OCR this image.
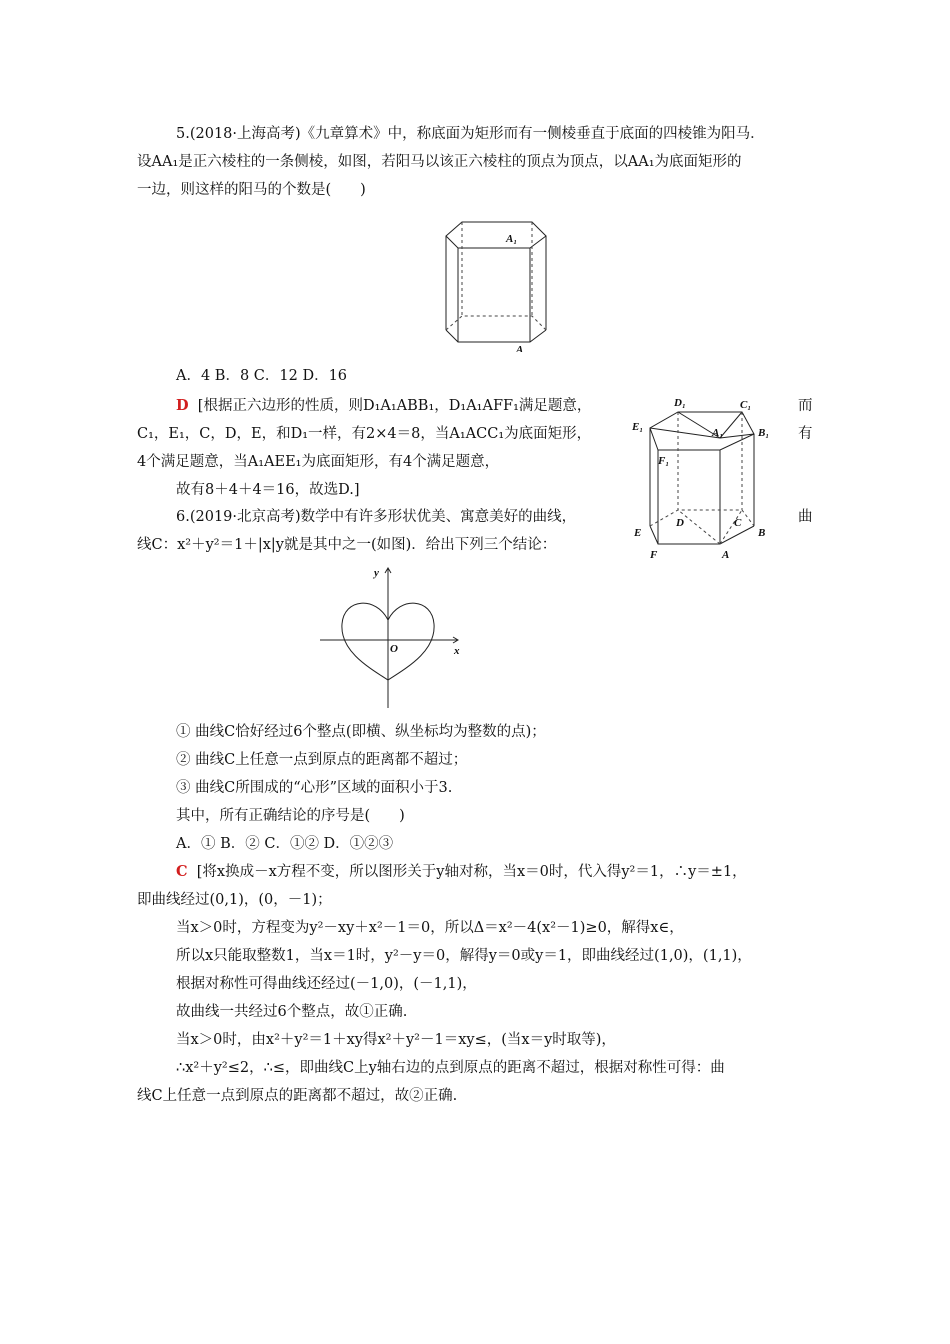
5.(2018·上海高考)《九章算术》中，称底面为矩形而有一侧棱垂直于底面的四棱锥为阳马．
设AA₁是正六棱柱的一条侧棱，如图，若阳马以该正六棱柱的顶点为顶点，以AA₁为底面矩形的
一边，则这样的阳马的个数是(　　)
A₁
A
A．4 B．8 C．12 D．16
D [根据正六边形的性质，则D₁A₁ABB₁，D₁A₁AFF₁满足题意，	而
C₁，E₁，C，D，E，和D₁一样，有2×4＝8，当A₁ACC₁为底面矩形，	有
4个满足题意，当A₁AEE₁为底面矩形，有4个满足题意，
故有8＋4＋4＝16，故选D.]
D₁	C₁
E₁	A₁	B₁
F₁
D	C
E	B
F	A
6.(2019·北京高考)数学中有许多形状优美、寓意美好的曲线，	曲
线C：x²＋y²＝1＋|x|y就是其中之一(如图)．给出下列三个结论：
y
x
O
① 曲线C恰好经过6个整点(即横、纵坐标均为整数的点)；
② 曲线C上任意一点到原点的距离都不超过；
③ 曲线C所围成的“心形”区域的面积小于3.
其中，所有正确结论的序号是(　　)
A．① B．② C．①② D．①②③
C [将x换成－x方程不变，所以图形关于y轴对称，当x＝0时，代入得y²＝1，∴y＝±1，
即曲线经过(0,1)，(0，－1)；
当x＞0时，方程变为y²－xy＋x²－1＝0，所以Δ＝x²－4(x²－1)≥0，解得x∈，
所以x只能取整数1，当x＝1时，y²－y＝0，解得y＝0或y＝1，即曲线经过(1,0)，(1,1)，
根据对称性可得曲线还经过(－1,0)，(－1,1)，
故曲线一共经过6个整点，故①正确.
当x＞0时，由x²＋y²＝1＋xy得x²＋y²－1＝xy≤，(当x＝y时取等)，
∴x²＋y²≤2，∴≤，即曲线C上y轴右边的点到原点的距离不超过，根据对称性可得：曲
线C上任意一点到原点的距离都不超过，故②正确.
